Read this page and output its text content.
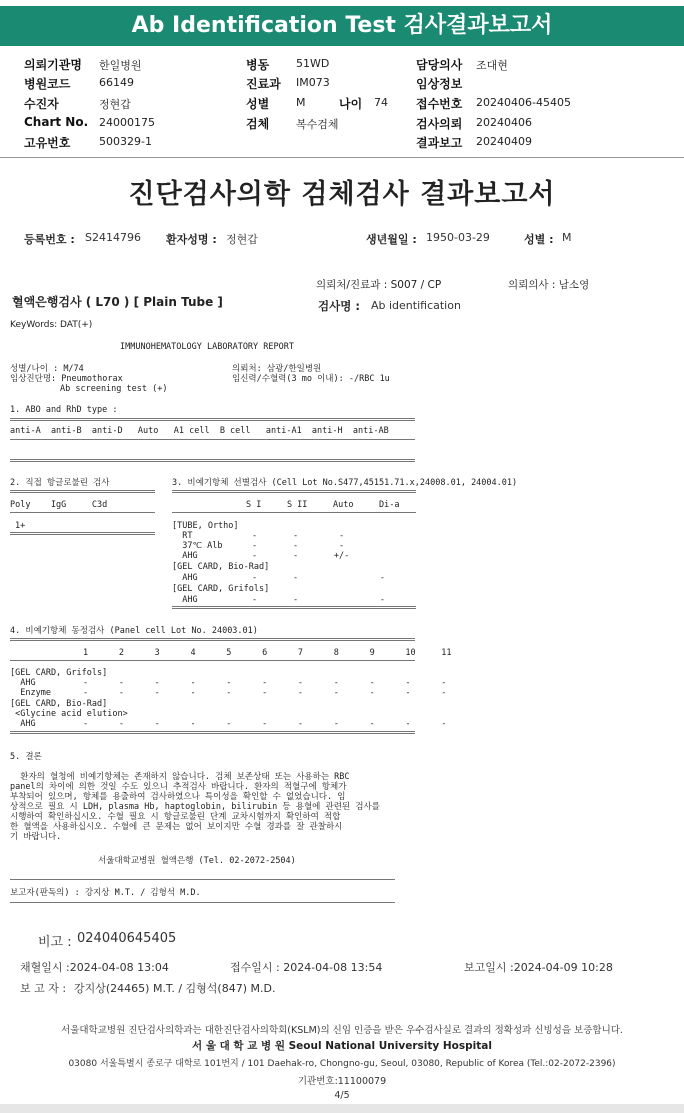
Ab Identification Test 검사결과보고서
의뢰기관명 한일병원
병원코드	66149
수진자	정현갑
Chart No. 24000175
고유번호	500329-1
병동 51WD
진료과 IM073
성별 M	나이 74
검체 복수검체
담당의사 조대현
임상정보
접수번호 20240406-45405
검사의뢰 20240406
결과보고 20240409
진단검사의학 검체검사 결과보고서
등록번호 : S2414796 환자성명 : 정현갑	생년월일 : 1950-03-29	성별 : M
의뢰처/진료과 : S007 / CP	의뢰의사 : 남소영
혈액은행검사 ( L70 ) [ Plain Tube ]	검사명 : Ab identification
KeyWords: DAT(+)
IMMUNOHEMATOLOGY LABORATORY REPORT
성별/나이 : M/74	의뢰처: 삼광/한일병원
임상진단명: Pneumothorax	임신력/수혈력(3 mo 이내): -/RBC 1u
Ab screening test (+)
1. ABO and RhD type :
anti-A  anti-B  anti-D   Auto   A1 cell  B cell   anti-A1  anti-H  anti-AB
2. 직접 항글로불린 검사
Poly    IgG     C3d
1+
3. 비예기항체 선별검사 (Cell Lot No.S477,45151.71.x,24008.01, 24004.01)
S I     S II     Auto     Di-a
[TUBE, Ortho]
RT	-       -        -
37℃ Alb	-       -        -
AHG	-       -       +/-
[GEL CARD, Bio-Rad]
AHG	-       -                -
[GEL CARD, Grifols]
AHG	-       -                -
4. 비예기항체 동정검사 (Panel cell Lot No. 24003.01)
1      2      3      4      5      6      7      8      9      10     11
[GEL CARD, Grifols]
AHG	-      -      -      -      -      -      -      -      -      -      -
Enzyme	-      -      -      -      -      -      -      -      -      -      -
[GEL CARD, Bio-Rad]
<Glycine acid elution>
AHG	-      -      -      -      -      -      -      -      -      -      -
5. 결론
환자의 혈청에 비예기항체는 존재하지 않습니다. 검체 보존상태 또는 사용하는 RBC
panel의 차이에 의한 것일 수도 있으니 추적검사 바랍니다. 환자의 적혈구에 항체가
부착되어 있으며, 항체를 용출하여 검사하였으나 특이성을 확인할 수 없었습니다. 임
상적으로 필요 시 LDH, plasma Hb, haptoglobin, bilirubin 등 용혈에 관련된 검사를
시행하여 확인하십시오. 수혈 필요 시 항글로불린 단계 교차시험까지 확인하여 적합
한 혈액을 사용하십시오. 수혈에 큰 문제는 없어 보이지만 수혈 경과를 잘 관찰하시
기 바랍니다.
서울대학교병원 혈액은행 (Tel. 02-2072-2504)
보고자(판독의) : 강지상 M.T. / 김형석 M.D.
비고 : 024040645405
채혈일시 :2024-04-08 13:04	접수일시 : 2024-04-08 13:54	보고일시 :2024-04-09 10:28
보 고 자 : 강지상(24465) M.T. / 김형석(847) M.D.
서울대학교병원 진단검사의학과는 대한진단검사의학회(KSLM)의 신임 인증을 받은 우수검사실로 결과의 정확성과 신빙성을 보증합니다.
서 울 대 학 교 병 원 Seoul National University Hospital
03080 서울특별시 종로구 대학로 101번지 / 101 Daehak-ro, Chongno-gu, Seoul, 03080, Republic of Korea (Tel.:02-2072-2396)
기관번호:11100079
4/5
